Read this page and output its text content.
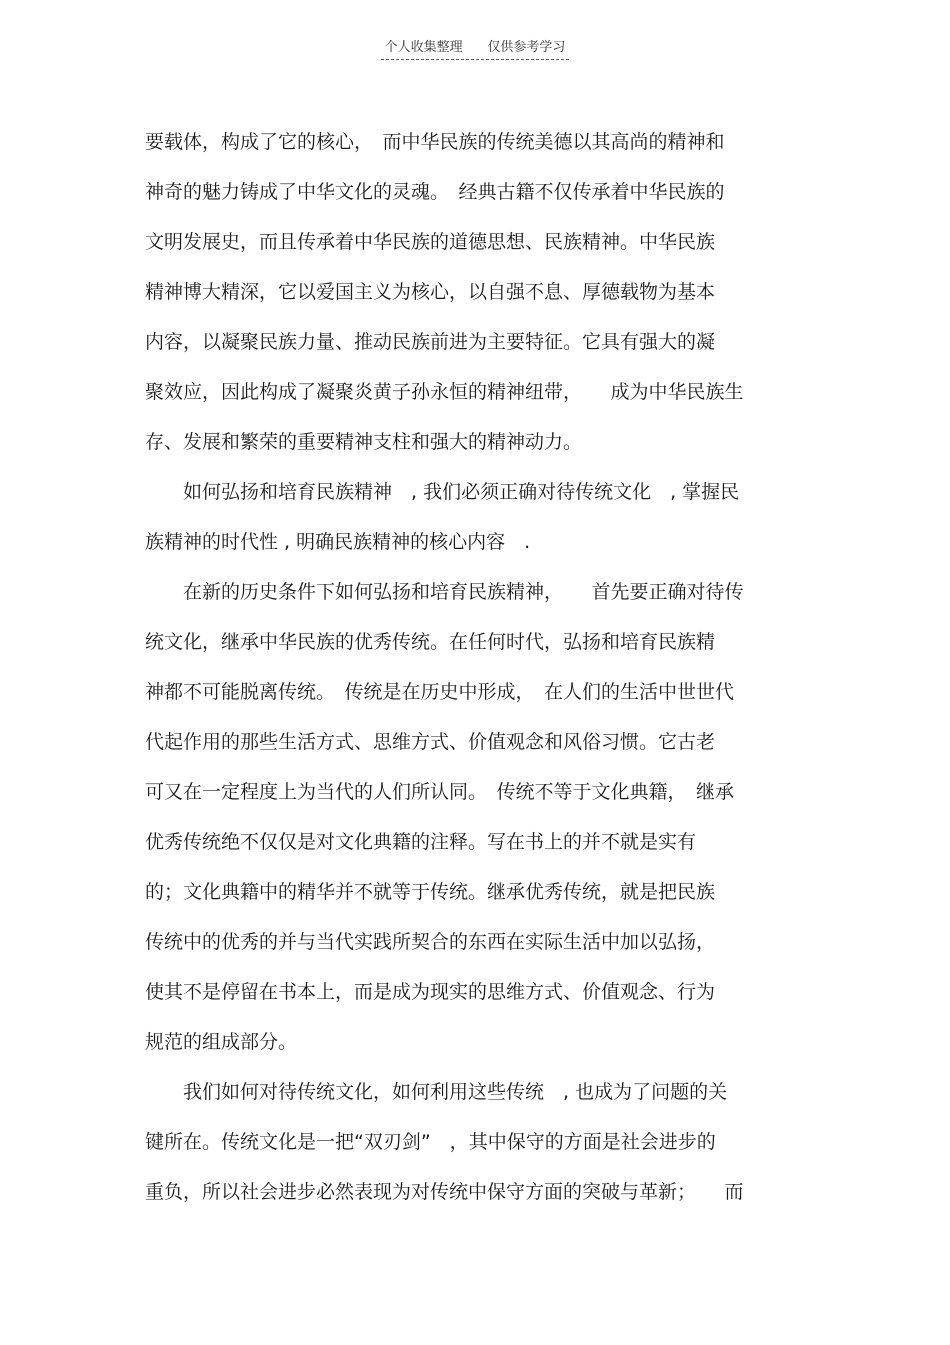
个人收集整理 仅供参考学习
要载体，构成了它的核心，　而中华民族的传统美德以其高尚的精神和
神奇的魅力铸成了中华文化的灵魂。　经典古籍不仅传承着中华民族的
文明发展史，而且传承着中华民族的道德思想、民族精神。中华民族
精神博大精深，它以爱国主义为核心，以自强不息、厚德载物为基本
内容，以凝聚民族力量、推动民族前进为主要特征。它具有强大的凝
聚效应，因此构成了凝聚炎黄子孙永恒的精神纽带，　　成为中华民族生
存、发展和繁荣的重要精神支柱和强大的精神动力。
　　如何弘扬和培育民族精神　, 我们必须正确对待传统文化　, 掌握民
族精神的时代性 , 明确民族精神的核心内容　.
　　在新的历史条件下如何弘扬和培育民族精神，　　首先要正确对待传
统文化，继承中华民族的优秀传统。在任何时代，弘扬和培育民族精
神都不可能脱离传统。　传统是在历史中形成，　在人们的生活中世世代
代起作用的那些生活方式、思维方式、价值观念和风俗习惯。它古老
可又在一定程度上为当代的人们所认同。　传统不等于文化典籍，　继承
优秀传统绝不仅仅是对文化典籍的注释。写在书上的并不就是实有
的；文化典籍中的精华并不就等于传统。继承优秀传统，就是把民族
传统中的优秀的并与当代实践所契合的东西在实际生活中加以弘扬，
使其不是停留在书本上，而是成为现实的思维方式、价值观念、行为
规范的组成部分。
　　我们如何对待传统文化，如何利用这些传统　, 也成为了问题的关
键所在。传统文化是一把“双刃剑”　，其中保守的方面是社会进步的
重负，所以社会进步必然表现为对传统中保守方面的突破与革新；　　而
